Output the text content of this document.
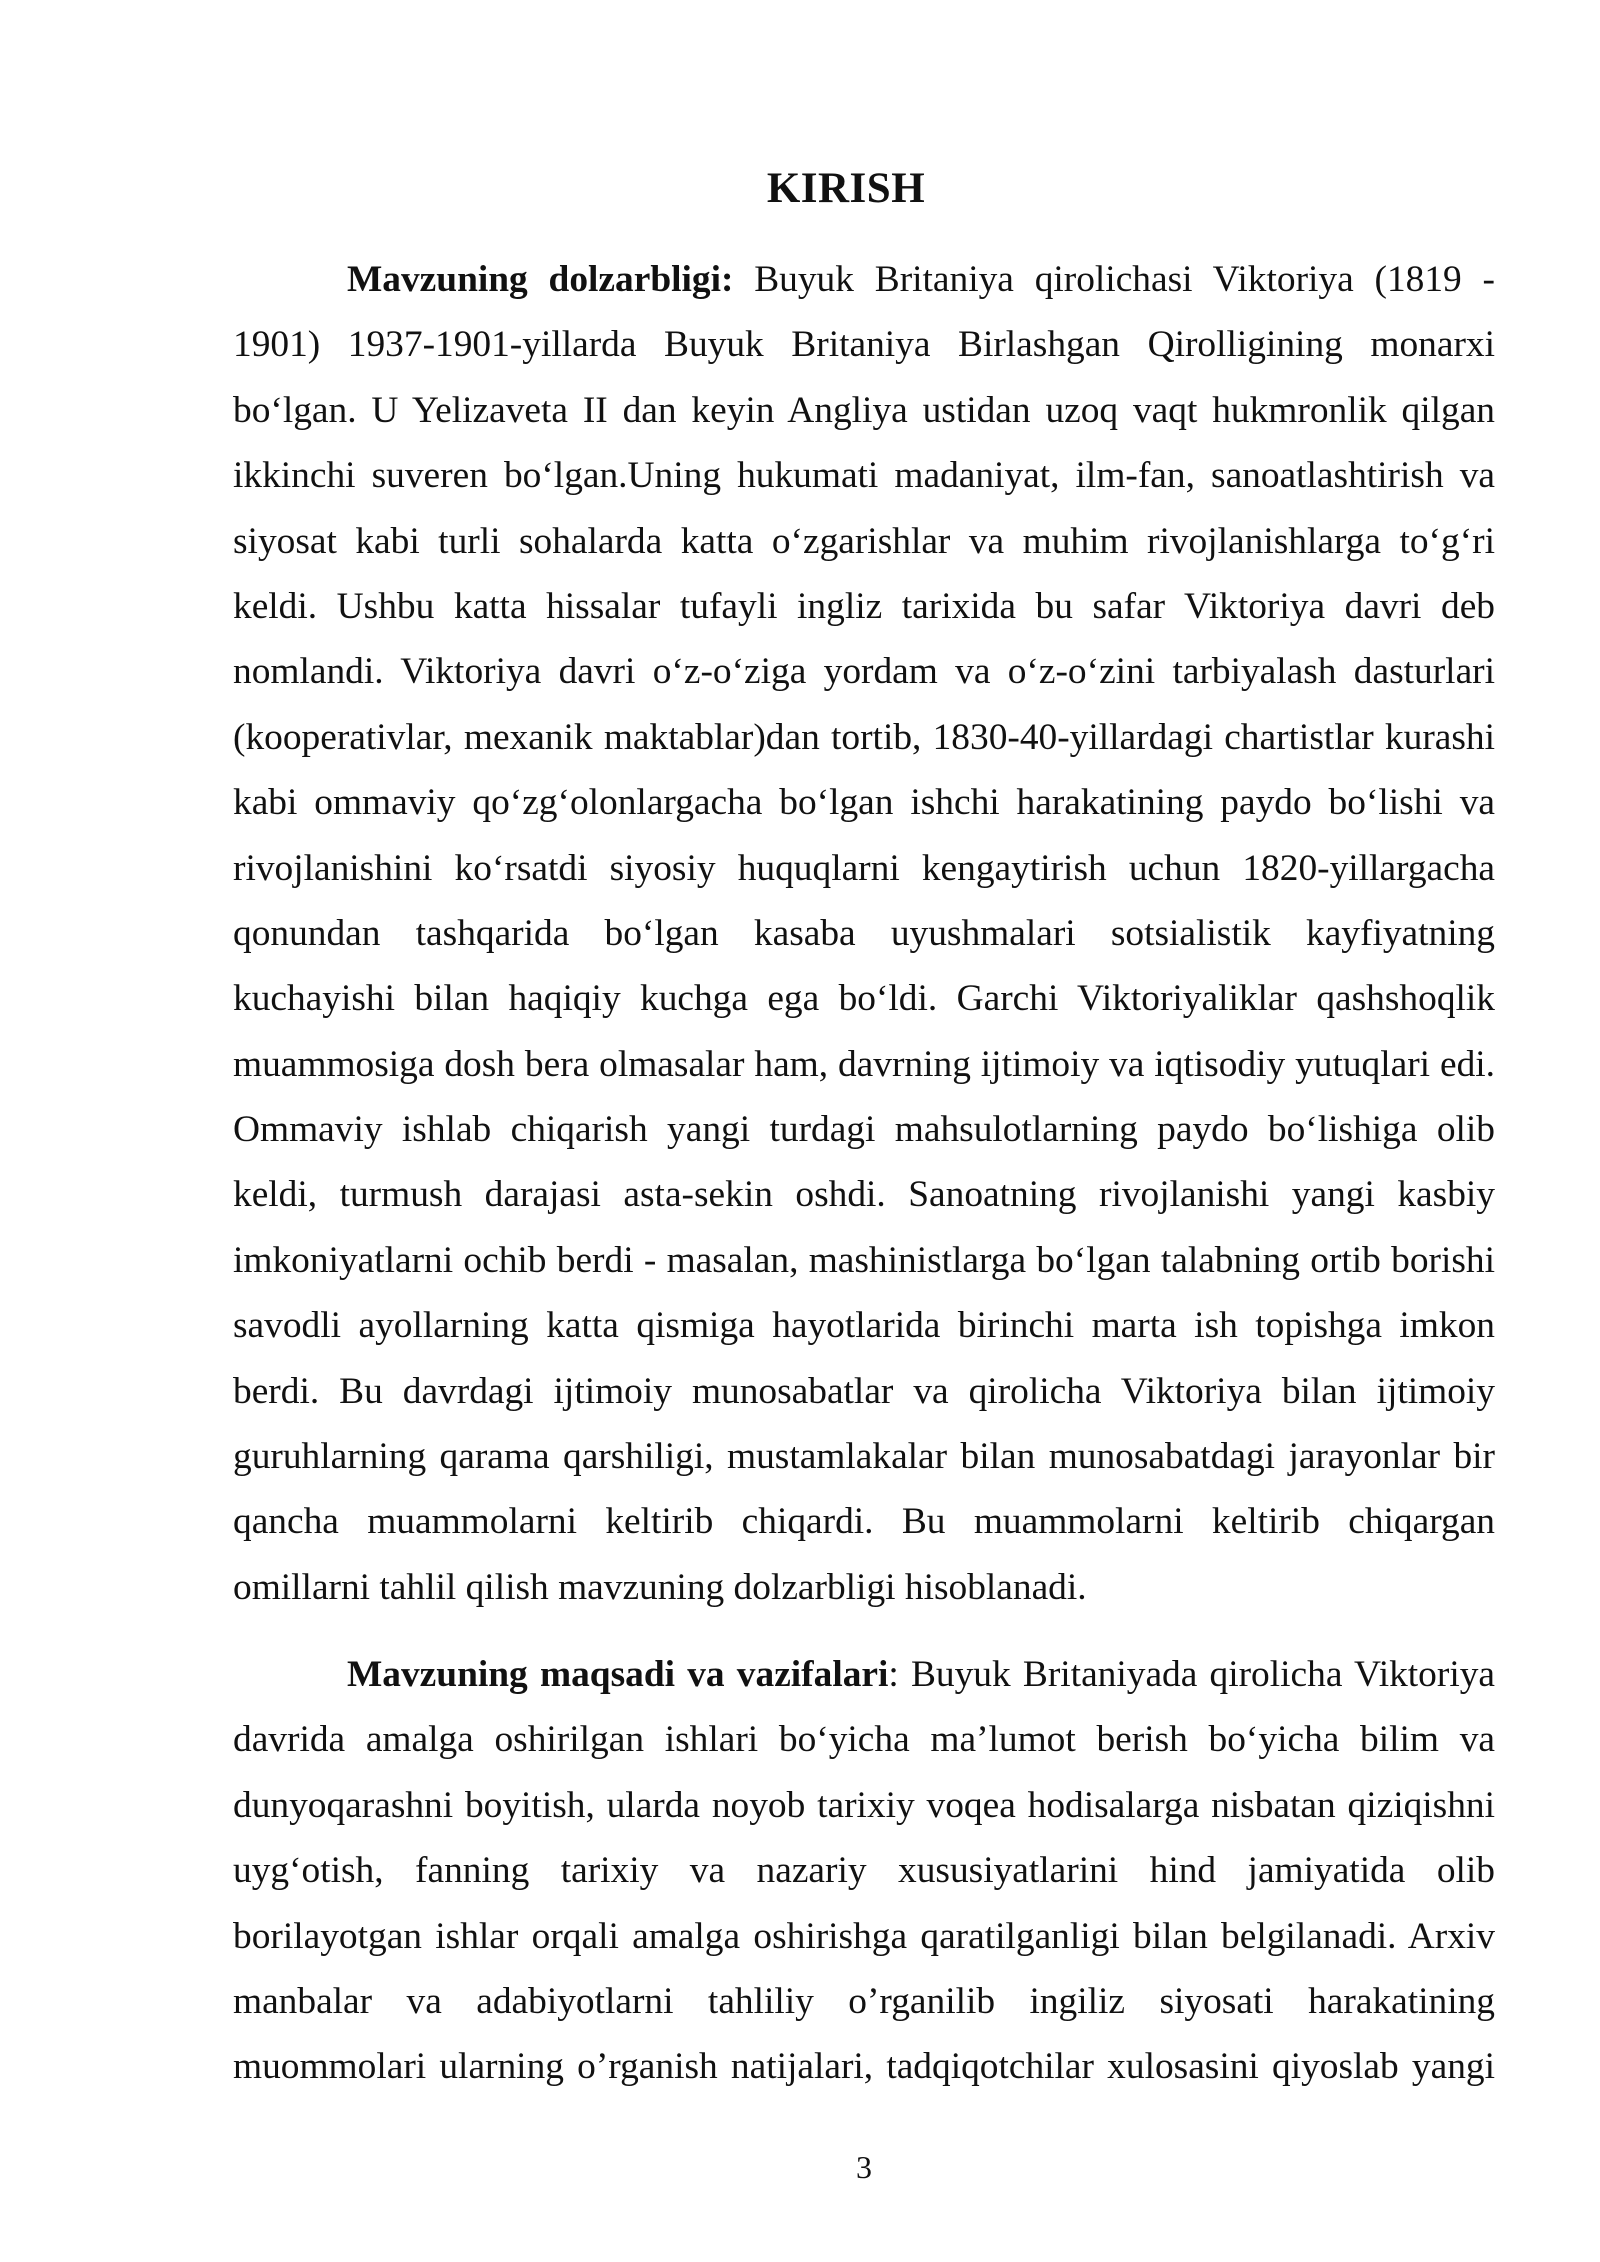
KIRISH
Mavzuning dolzarbligi: Buyuk Britaniya qirolichasi Viktoriya (1819 -
1901) 1937-1901-yillarda Buyuk Britaniya Birlashgan Qirolligining monarxi
bo‘lgan. U Yelizaveta II dan keyin Angliya ustidan uzoq vaqt hukmronlik qilgan
ikkinchi suveren bo‘lgan.Uning hukumati madaniyat, ilm-fan, sanoatlashtirish va
siyosat kabi turli sohalarda katta o‘zgarishlar va muhim rivojlanishlarga to‘g‘ri
keldi. Ushbu katta hissalar tufayli ingliz tarixida bu safar Viktoriya davri deb
nomlandi. Viktoriya davri o‘z-o‘ziga yordam va o‘z-o‘zini tarbiyalash dasturlari
(kooperativlar, mexanik maktablar)dan tortib, 1830-40-yillardagi chartistlar kurashi
kabi ommaviy qo‘zg‘olonlargacha bo‘lgan ishchi harakatining paydo bo‘lishi va
rivojlanishini ko‘rsatdi siyosiy huquqlarni kengaytirish uchun 1820-yillargacha
qonundan tashqarida bo‘lgan kasaba uyushmalari sotsialistik kayfiyatning
kuchayishi bilan haqiqiy kuchga ega bo‘ldi. Garchi Viktoriyaliklar qashshoqlik
muammosiga dosh bera olmasalar ham, davrning ijtimoiy va iqtisodiy yutuqlari edi.
Ommaviy ishlab chiqarish yangi turdagi mahsulotlarning paydo bo‘lishiga olib
keldi, turmush darajasi asta-sekin oshdi. Sanoatning rivojlanishi yangi kasbiy
imkoniyatlarni ochib berdi - masalan, mashinistlarga bo‘lgan talabning ortib borishi
savodli ayollarning katta qismiga hayotlarida birinchi marta ish topishga imkon
berdi. Bu davrdagi ijtimoiy munosabatlar va qirolicha Viktoriya bilan ijtimoiy
guruhlarning qarama qarshiligi, mustamlakalar bilan munosabatdagi jarayonlar bir
qancha muammolarni keltirib chiqardi. Bu muammolarni keltirib chiqargan
omillarni tahlil qilish mavzuning dolzarbligi hisoblanadi.
Mavzuning maqsadi va vazifalari: Buyuk Britaniyada qirolicha Viktoriya
davrida amalga oshirilgan ishlari bo‘yicha ma’lumot berish bo‘yicha bilim va
dunyoqarashni boyitish, ularda noyob tarixiy voqea hodisalarga nisbatan qiziqishni
uyg‘otish, fanning tarixiy va nazariy xususiyatlarini hind jamiyatida olib
borilayotgan ishlar orqali amalga oshirishga qaratilganligi bilan belgilanadi. Arxiv
manbalar va adabiyotlarni tahliliy o’rganilib ingiliz siyosati harakatining
muommolari ularning o’rganish natijalari, tadqiqotchilar xulosasini qiyoslab yangi
3
